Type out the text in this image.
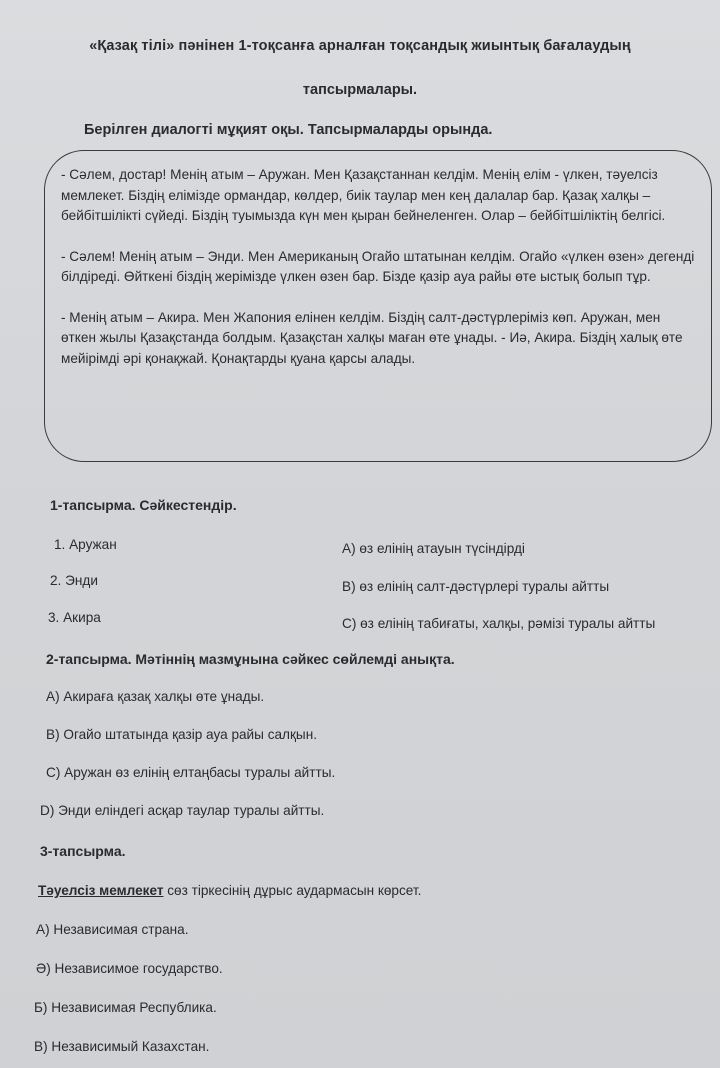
«Қазақ тілі» пәнінен 1-тоқсанға арналған тоқсандық жиынтық бағалаудың
тапсырмалары.
Берілген диалогті мұқият оқы. Тапсырмаларды орында.

- Сәлем, достар! Менің атым – Аружан. Мен Қазақстаннан келдім. Менің елім - үлкен, тәуелсіз мемлекет. Біздің елімізде ормандар, көлдер, биік таулар мен кең далалар бар. Қазақ халқы – бейбітшілікті сүйеді. Біздің туымызда күн мен қыран бейнеленген. Олар – бейбітшіліктің белгісі.

- Сәлем! Менің атым – Энди. Мен Американың Огайо штатынан келдім. Огайо «үлкен өзен» дегенді білдіреді. Өйткені біздің жерімізде үлкен өзен бар. Бізде қазір ауа райы өте ыстық болып тұр.

- Менің атым – Акира. Мен Жапония елінен келдім. Біздің салт-дәстүрлеріміз көп. Аружан, мен өткен жылы Қазақстанда болдым. Қазақстан халқы маған өте ұнады. - Иә, Акира. Біздің халық өте мейірімді әрі қонақжай. Қонақтарды қуана қарсы алады.

1-тапсырма. Сәйкестендір.
1. Аружан
2. Энди
3. Акира
А) өз елінің атауын түсіндірді
В) өз елінің салт-дәстүрлері туралы айтты
С) өз елінің табиғаты, халқы, рәмізі туралы айтты
2-тапсырма. Мәтіннің мазмұнына сәйкес сөйлемді анықта.
А) Акираға қазақ халқы өте ұнады.
В) Огайо штатында қазір ауа райы салқын.
С) Аружан өз елінің елтаңбасы туралы айтты.
D) Энди еліндегі асқар таулар туралы айтты.
3-тапсырма.
Тәуелсіз мемлекет сөз тіркесінің дұрыс аудармасын көрсет.
А) Независимая страна.
Ә) Независимое государство.
Б) Независимая Республика.
В) Независимый Казахстан.
